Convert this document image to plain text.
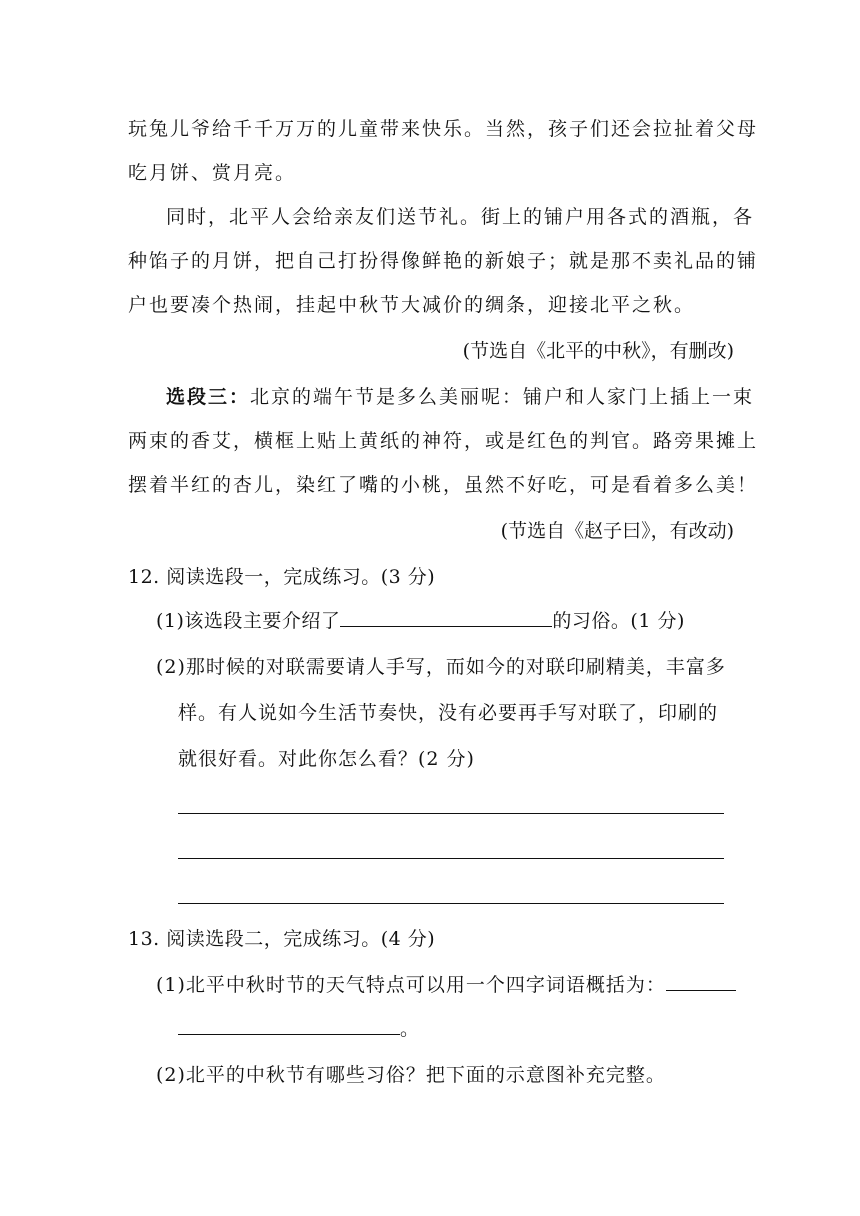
玩兔儿爷给千千万万的儿童带来快乐。当然，孩子们还会拉扯着父母
吃月饼、赏月亮。
同时，北平人会给亲友们送节礼。街上的铺户用各式的酒瓶，各
种馅子的月饼，把自己打扮得像鲜艳的新娘子；就是那不卖礼品的铺
户也要凑个热闹，挂起中秋节大减价的绸条，迎接北平之秋。
(节选自《北平的中秋》，有删改)
选段三：北京的端午节是多么美丽呢：铺户和人家门上插上一束
两束的香艾，横框上贴上黄纸的神符，或是红色的判官。路旁果摊上
摆着半红的杏儿，染红了嘴的小桃，虽然不好吃，可是看着多么美！
(节选自《赵子曰》，有改动)
12. 阅读选段一，完成练习。(3 分)
(1)该选段主要介绍了	的习俗。(1 分)
(2)那时候的对联需要请人手写，而如今的对联印刷精美，丰富多
样。有人说如今生活节奏快，没有必要再手写对联了，印刷的
就很好看。对此你怎么看？(2 分)
13. 阅读选段二，完成练习。(4 分)
(1)北平中秋时节的天气特点可以用一个四字词语概括为：
。
(2)北平的中秋节有哪些习俗？把下面的示意图补充完整。
